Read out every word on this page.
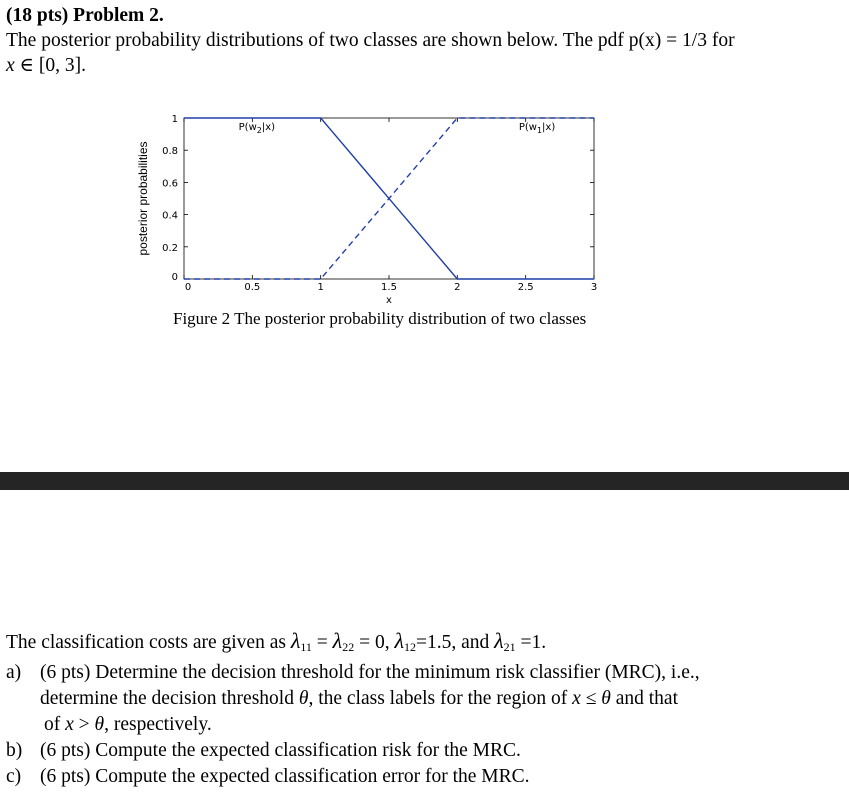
(18 pts) Problem 2.
The posterior probability distributions of two classes are shown below. The pdf p(x) = 1/3 for
x ∈ [0, 3].
0	0.5	1	1.5	2	2.5	3
0
0.2
0.4
0.6
0.8
1
$P(w_2|x)$	$P(w_1|x)$
x
posterior probabilities
Figure 2 The posterior probability distribution of two classes
The classification costs are given as $\lambda_{11} = \lambda_{22} = 0$, $\lambda_{12}=1.5$, and $\lambda_{21} =1$.
a) (6 pts) Determine the decision threshold for the minimum risk classifier (MRC), i.e.,
determine the decision threshold θ, the class labels for the region of x ≤ θ and that
of x > θ, respectively.
b) (6 pts) Compute the expected classification risk for the MRC.
c) (6 pts) Compute the expected classification error for the MRC.
